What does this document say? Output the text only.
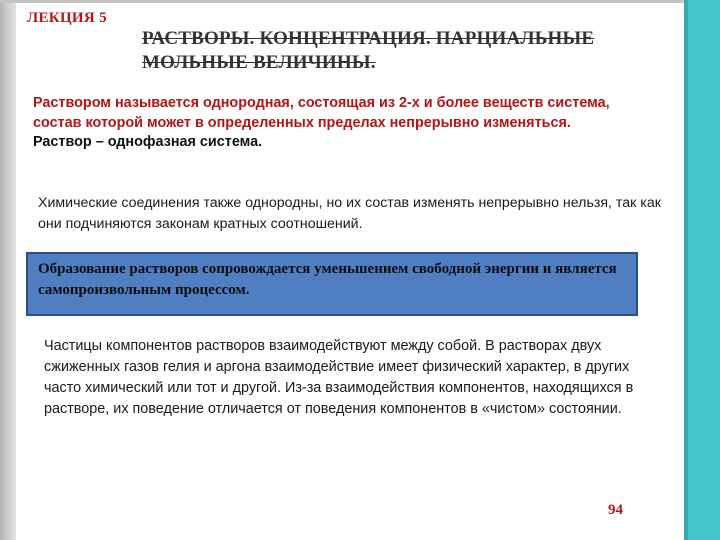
ЛЕКЦИЯ 5
РАСТВОРЫ. КОНЦЕНТРАЦИЯ. ПАРЦИАЛЬНЫЕ МОЛЬНЫЕ ВЕЛИЧИНЫ.
Раствором называется однородная, состоящая из 2-х и более веществ система, состав которой может в определенных пределах непрерывно изменяться.
Раствор – однофазная система.
Химические соединения также однородны, но их состав изменять непрерывно нельзя, так как они подчиняются законам кратных соотношений.
Образование растворов сопровождается уменьшением свободной энергии и является самопроизвольным процессом.
Частицы компонентов растворов взаимодействуют между собой. В растворах двух сжиженных газов гелия и аргона взаимодействие имеет физический характер, в других часто химический или тот и другой. Из-за взаимодействия компонентов, находящихся в растворе, их поведение отличается от поведения компонентов в «чистом» состоянии.
94
